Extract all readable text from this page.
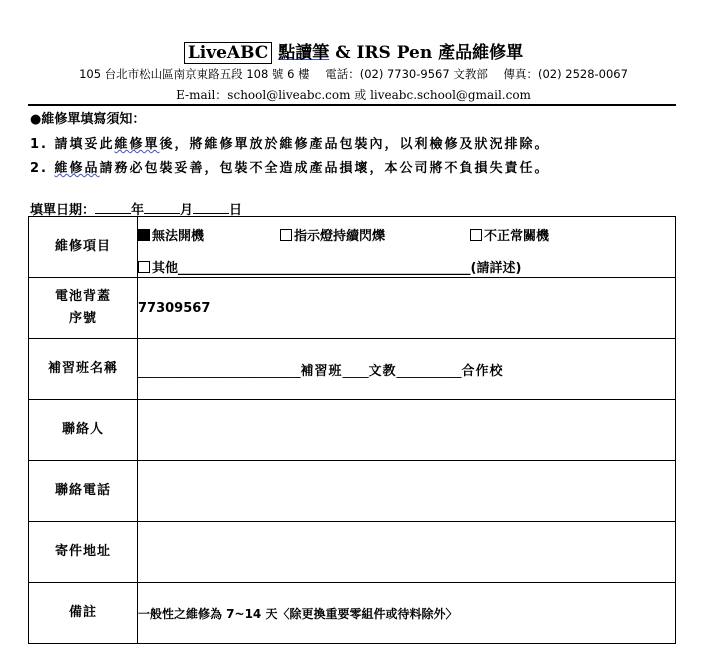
LiveABC 點讀筆 & IRS Pen 產品維修單
105 台北市松山區南京東路五段 108 號 6 樓 電話：(02) 7730-9567 文教部 傳真：(02) 2528-0067
E-mail：school@liveabc.com 或 liveabc.school@gmail.com
●維修單填寫須知：
1. 請填妥此維修單後，將維修單放於維修產品包裝內，以利檢修及狀況排除。
2. 維修品請務必包裝妥善，包裝不全造成產品損壞，本公司將不負損失責任。
填單日期：	年	月	日
維修項目	無法開機 指示燈持續閃爍 不正常關機
其他_____________________________________________(請詳述)

電池背蓋
序號	77309567
補習班名稱	_________________________補習班____文教__________合作校
聯絡人	
聯絡電話	
寄件地址	
備註	一般性之維修為 7~14 天〈除更換重要零組件或待料除外〉
